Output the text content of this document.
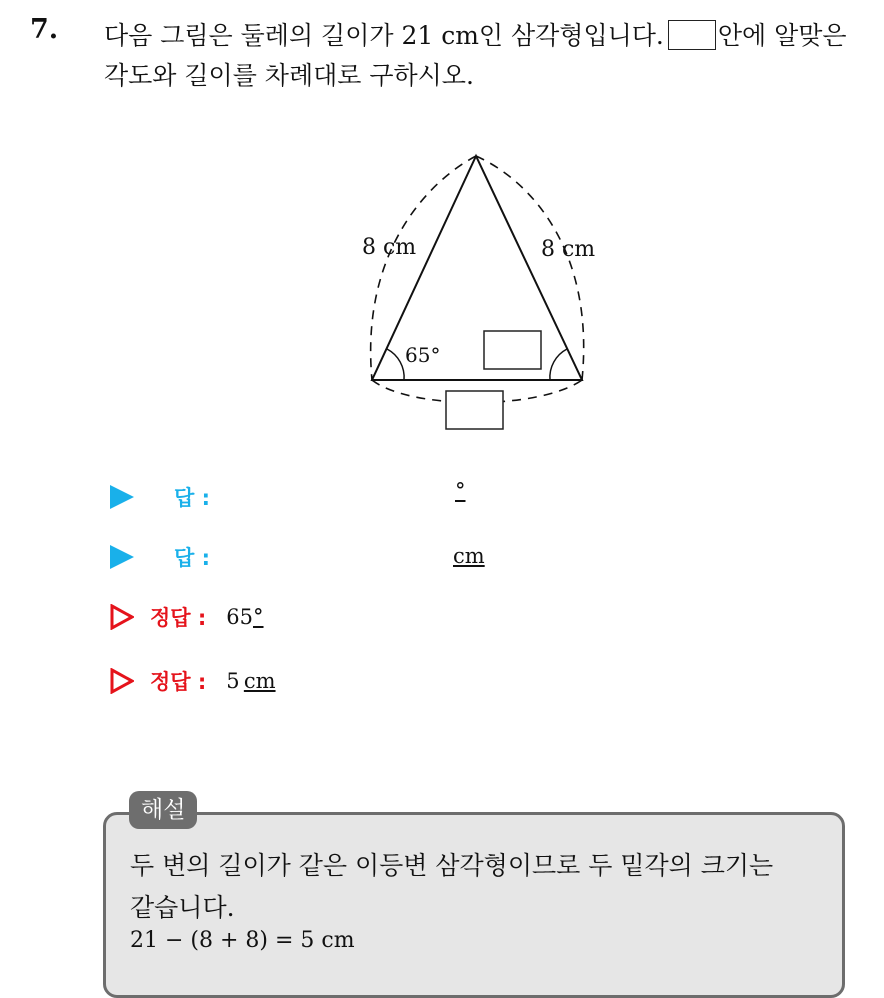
7. 다음 그림은 둘레의 길이가 21 cm인 삼각형입니다. 안에 알맞은
각도와 길이를 차례대로 구하시오.
8 cm	8 cm
65°
답 :	°
답 :	cm
정답 : 65°
정답 : 5  cm
해설
두 변의 길이가 같은 이등변 삼각형이므로 두 밑각의 크기는
같습니다.
21 − (8 + 8) = 5 cm
